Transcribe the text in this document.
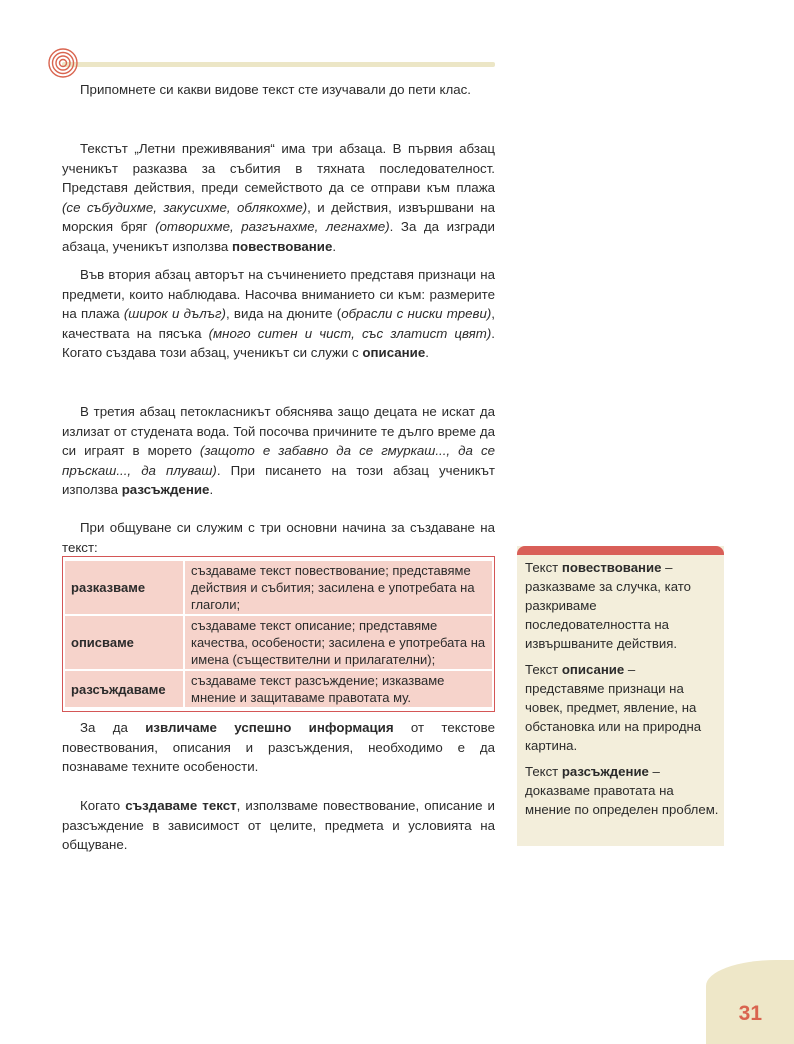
Припомнете си какви видове текст сте изучавали до пети клас.

Текстът „Летни преживявания“ има три абзаца. В първия абзац ученикът разказва за събития в тяхната последователност. Представя действия, преди семейството да се отправи към плажа (се събудихме, закусихме, облякохме), и действия, извършвани на морския бряг (отворихме, разгънахме, легнахме). За да изгради абзаца, ученикът използва повествование.

Във втория абзац авторът на съчинението представя признаци на предмети, които наблюдава. Насочва вниманието си към: размерите на плажа (широк и дълъг), вида на дюните (обрасли с ниски треви), качествата на пясъка (много ситен и чист, със златист цвят). Когато създава този абзац, ученикът си служи с описание.

В третия абзац петокласникът обяснява защо децата не искат да излизат от студената вода. Той посочва причините те дълго време да си играят в морето (защото е забавно да се гмуркаш..., да се пръскаш..., да плуваш). При писането на този абзац ученикът използва разсъждение.

При общуване си служим с три основни начина за създаване на текст:

разказваме	създаваме текст повествование; представяме действия и събития; засилена е употребата на глаголи;
описваме	създаваме текст описание; представяме качества, особености; засилена е употребата на имена (съществителни и прилагателни);
разсъждаваме	създаваме текст разсъждение; изказваме мнение и защитаваме правотата му.

За да извличаме успешно информация от текстове повествования, описания и разсъждения, необходимо е да познаваме техните особености.

Когато създаваме текст, използваме повествование, описание и разсъждение в зависимост от целите, предмета и условията на общуване.

Текст повествование –
разказваме за случка, като разкриваме последователността на извършваните действия.

Текст описание –
представяме признаци на човек, предмет, явление, на обстановка или на природна картина.

Текст разсъждение –
доказваме правотата на мнение по определен проблем.

31
